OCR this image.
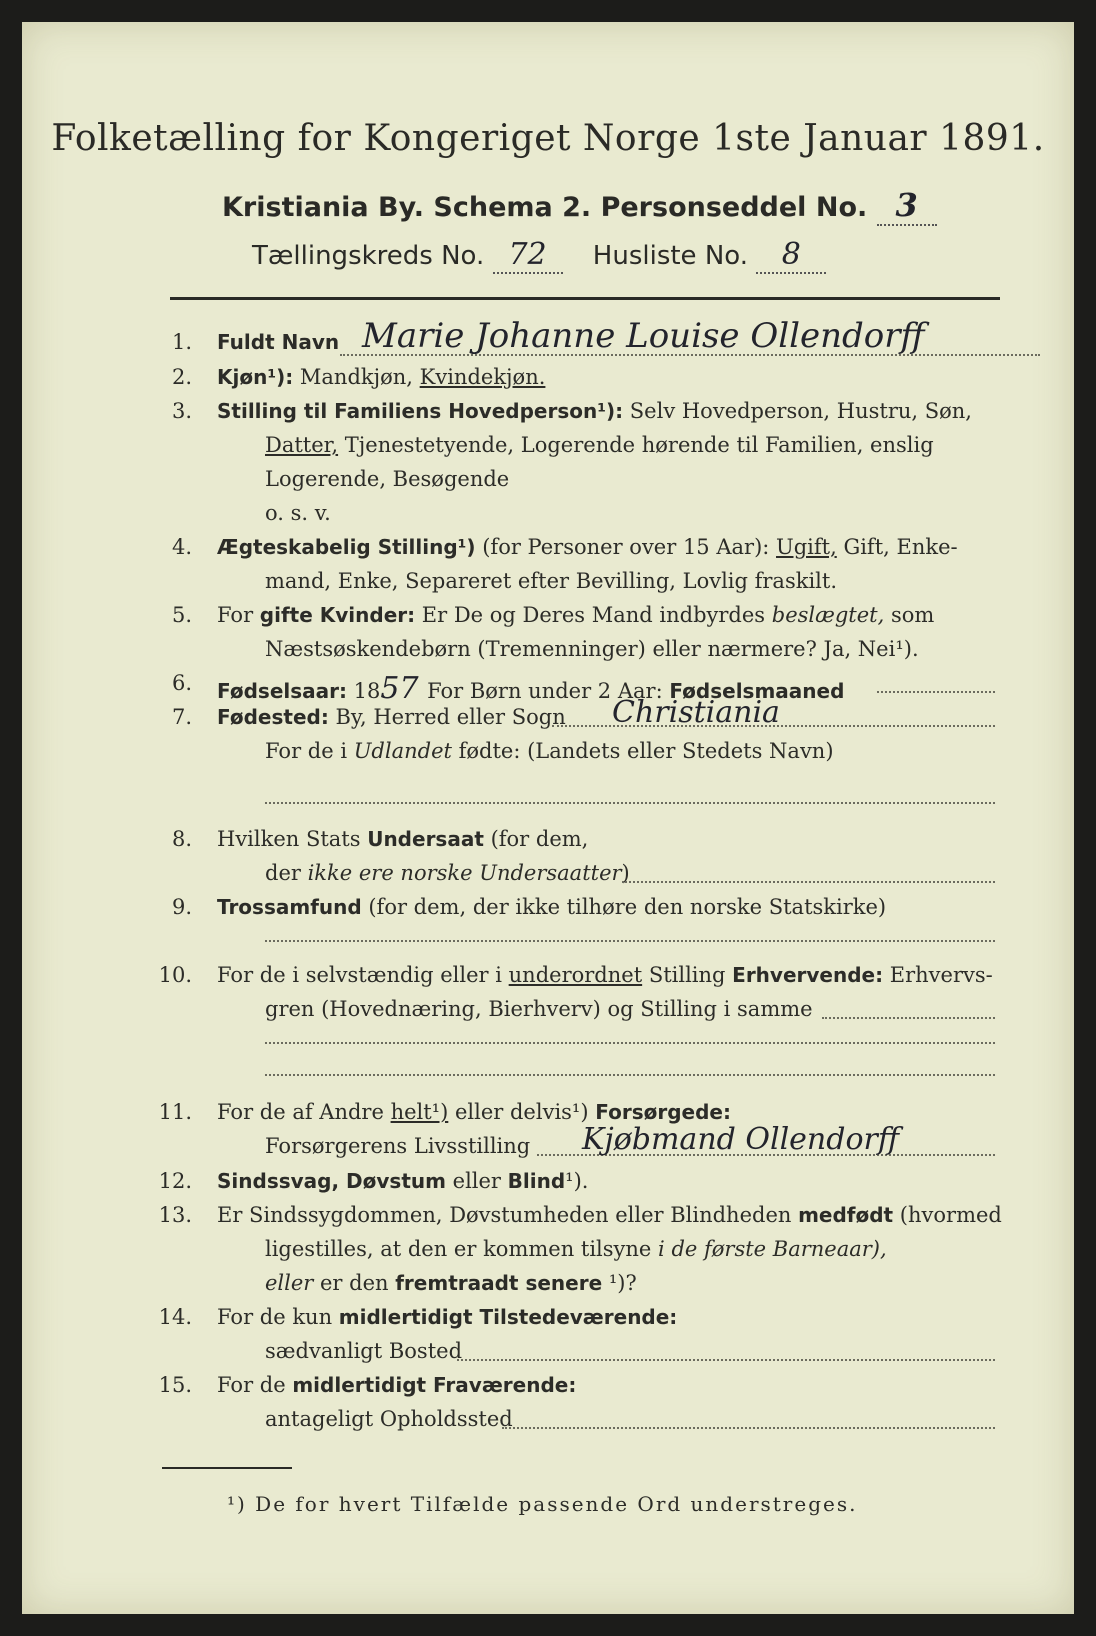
Folketælling for Kongeriget Norge 1ste Januar 1891.
Kristiania By. Schema 2. Personseddel No. 3
Tællingskreds No. 72 Husliste No. 8
1. Fuldt Navn Marie Johanne Louise Ollendorff
2. Kjøn¹): Mandkjøn, Kvindekjøn.
3. Stilling til Familiens Hovedperson¹): Selv Hovedperson, Hustru, Søn,
Datter, Tjenestetyende, Logerende hørende til Familien, enslig
Logerende, Besøgende
o. s. v.
4. Ægteskabelig Stilling¹) (for Personer over 15 Aar): Ugift, Gift, Enke-
mand, Enke, Separeret efter Bevilling, Lovlig fraskilt.
5. For gifte Kvinder: Er De og Deres Mand indbyrdes beslægtet, som
Næstsøskendebørn (Tremenninger) eller nærmere? Ja, Nei¹).
6. Fødselsaar: 1857 For Børn under 2 Aar: Fødselsmaaned
7. Fødested: By, Herred eller Sogn Christiania
For de i Udlandet fødte: (Landets eller Stedets Navn)
8. Hvilken Stats Undersaat (for dem,
der ikke ere norske Undersaatter)
9. Trossamfund (for dem, der ikke tilhøre den norske Statskirke)
10. For de i selvstændig eller i underordnet Stilling Erhvervende: Erhvervs-
gren (Hovednæring, Bierhverv) og Stilling i samme
11. For de af Andre helt¹) eller delvis¹) Forsørgede:
Forsørgerens Livsstilling Kjøbmand Ollendorff
12. Sindssvag, Døvstum eller Blind¹).
13. Er Sindssygdommen, Døvstumheden eller Blindheden medfødt (hvormed
ligestilles, at den er kommen tilsyne i de første Barneaar),
eller er den fremtraadt senere ¹)?
14. For de kun midlertidigt Tilstedeværende:
sædvanligt Bosted
15. For de midlertidigt Fraværende:
antageligt Opholdssted
¹) De for hvert Tilfælde passende Ord understreges.
